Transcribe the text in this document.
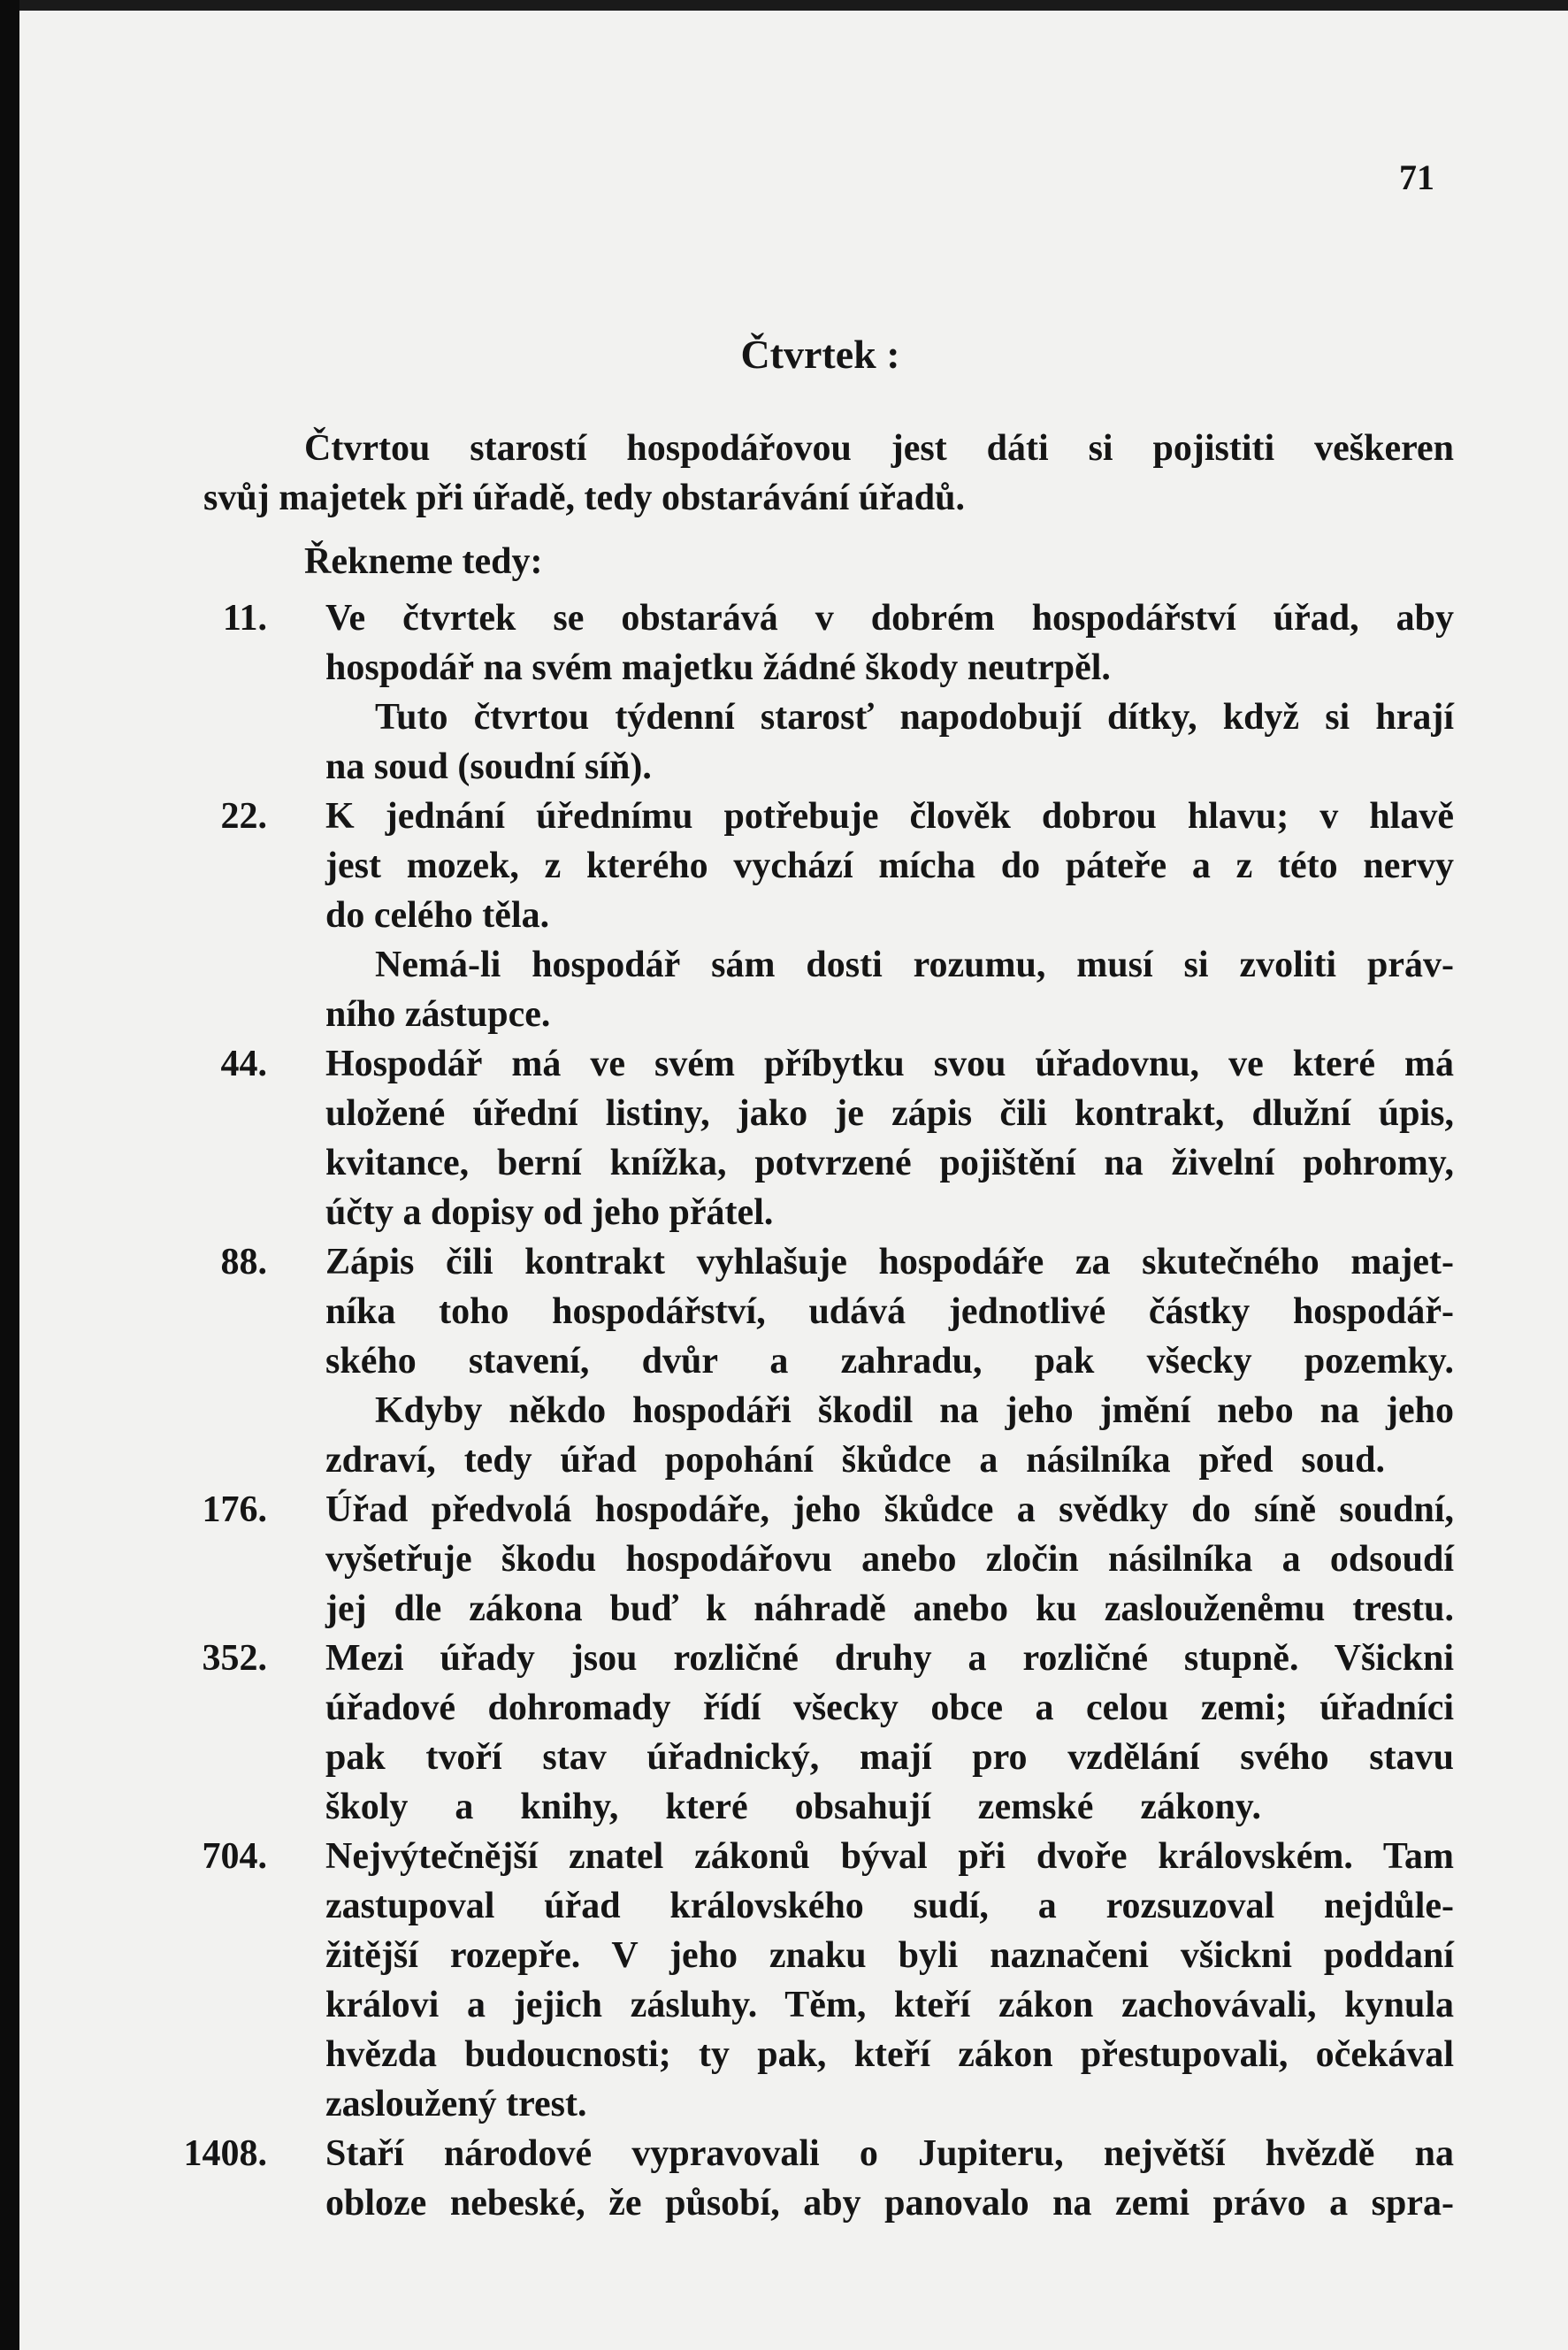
71
Čtvrtek :
Čtvrtou starostí hospodářovou jest dáti si pojistiti veškeren
svůj majetek při úřadě, tedy obstarávání úřadů.
Řekneme tedy:
11. Ve čtvrtek se obstarává v dobrém hospodářství úřad, aby
hospodář na svém majetku žádné škody neutrpěl.
Tuto čtvrtou týdenní starosť napodobují dítky, když si hrají
na soud (soudní síň).
22. K jednání úřednímu potřebuje člověk dobrou hlavu; v hlavě
jest mozek, z kterého vychází mícha do páteře a z této nervy
do celého těla.
Nemá-li hospodář sám dosti rozumu, musí si zvoliti práv-
ního zástupce.
44. Hospodář má ve svém příbytku svou úřadovnu, ve které má
uložené úřední listiny, jako je zápis čili kontrakt, dlužní úpis,
kvitance, berní knížka, potvrzené pojištění na živelní pohromy,
účty a dopisy od jeho přátel.
88. Zápis čili kontrakt vyhlašuje hospodáře za skutečného majet-
níka toho hospodářství, udává jednotlivé částky hospodář-
ského stavení, dvůr a zahradu, pak všecky pozemky.
Kdyby někdo hospodáři škodil na jeho jmění nebo na jeho
zdraví, tedy úřad popohání škůdce a násilníka před soud.
176. Úřad předvolá hospodáře, jeho škůdce a svědky do síně soudní,
vyšetřuje škodu hospodářovu anebo zločin násilníka a odsoudí
jej dle zákona buď k náhradě anebo ku zasloužene̊mu trestu.
352. Mezi úřady jsou rozličné druhy a rozličné stupně. Všickni
úřadové dohromady řídí všecky obce a celou zemi; úřadníci
pak tvoří stav úřadnický, mají pro vzdělání svého stavu
školy a knihy, které obsahují zemské zákony.
704. Nejvýtečnější znatel zákonů býval při dvoře královském. Tam
zastupoval úřad královského sudí, a rozsuzoval nejdůle-
žitější rozepře. V jeho znaku byli naznačeni všickni poddaní
královi a jejich zásluhy. Těm, kteří zákon zachovávali, kynula
hvězda budoucnosti; ty pak, kteří zákon přestupovali, očekával
zasloužený trest.
1408. Staří národové vypravovali o Jupiteru, největší hvězdě na
obloze nebeské, že působí, aby panovalo na zemi právo a spra-
